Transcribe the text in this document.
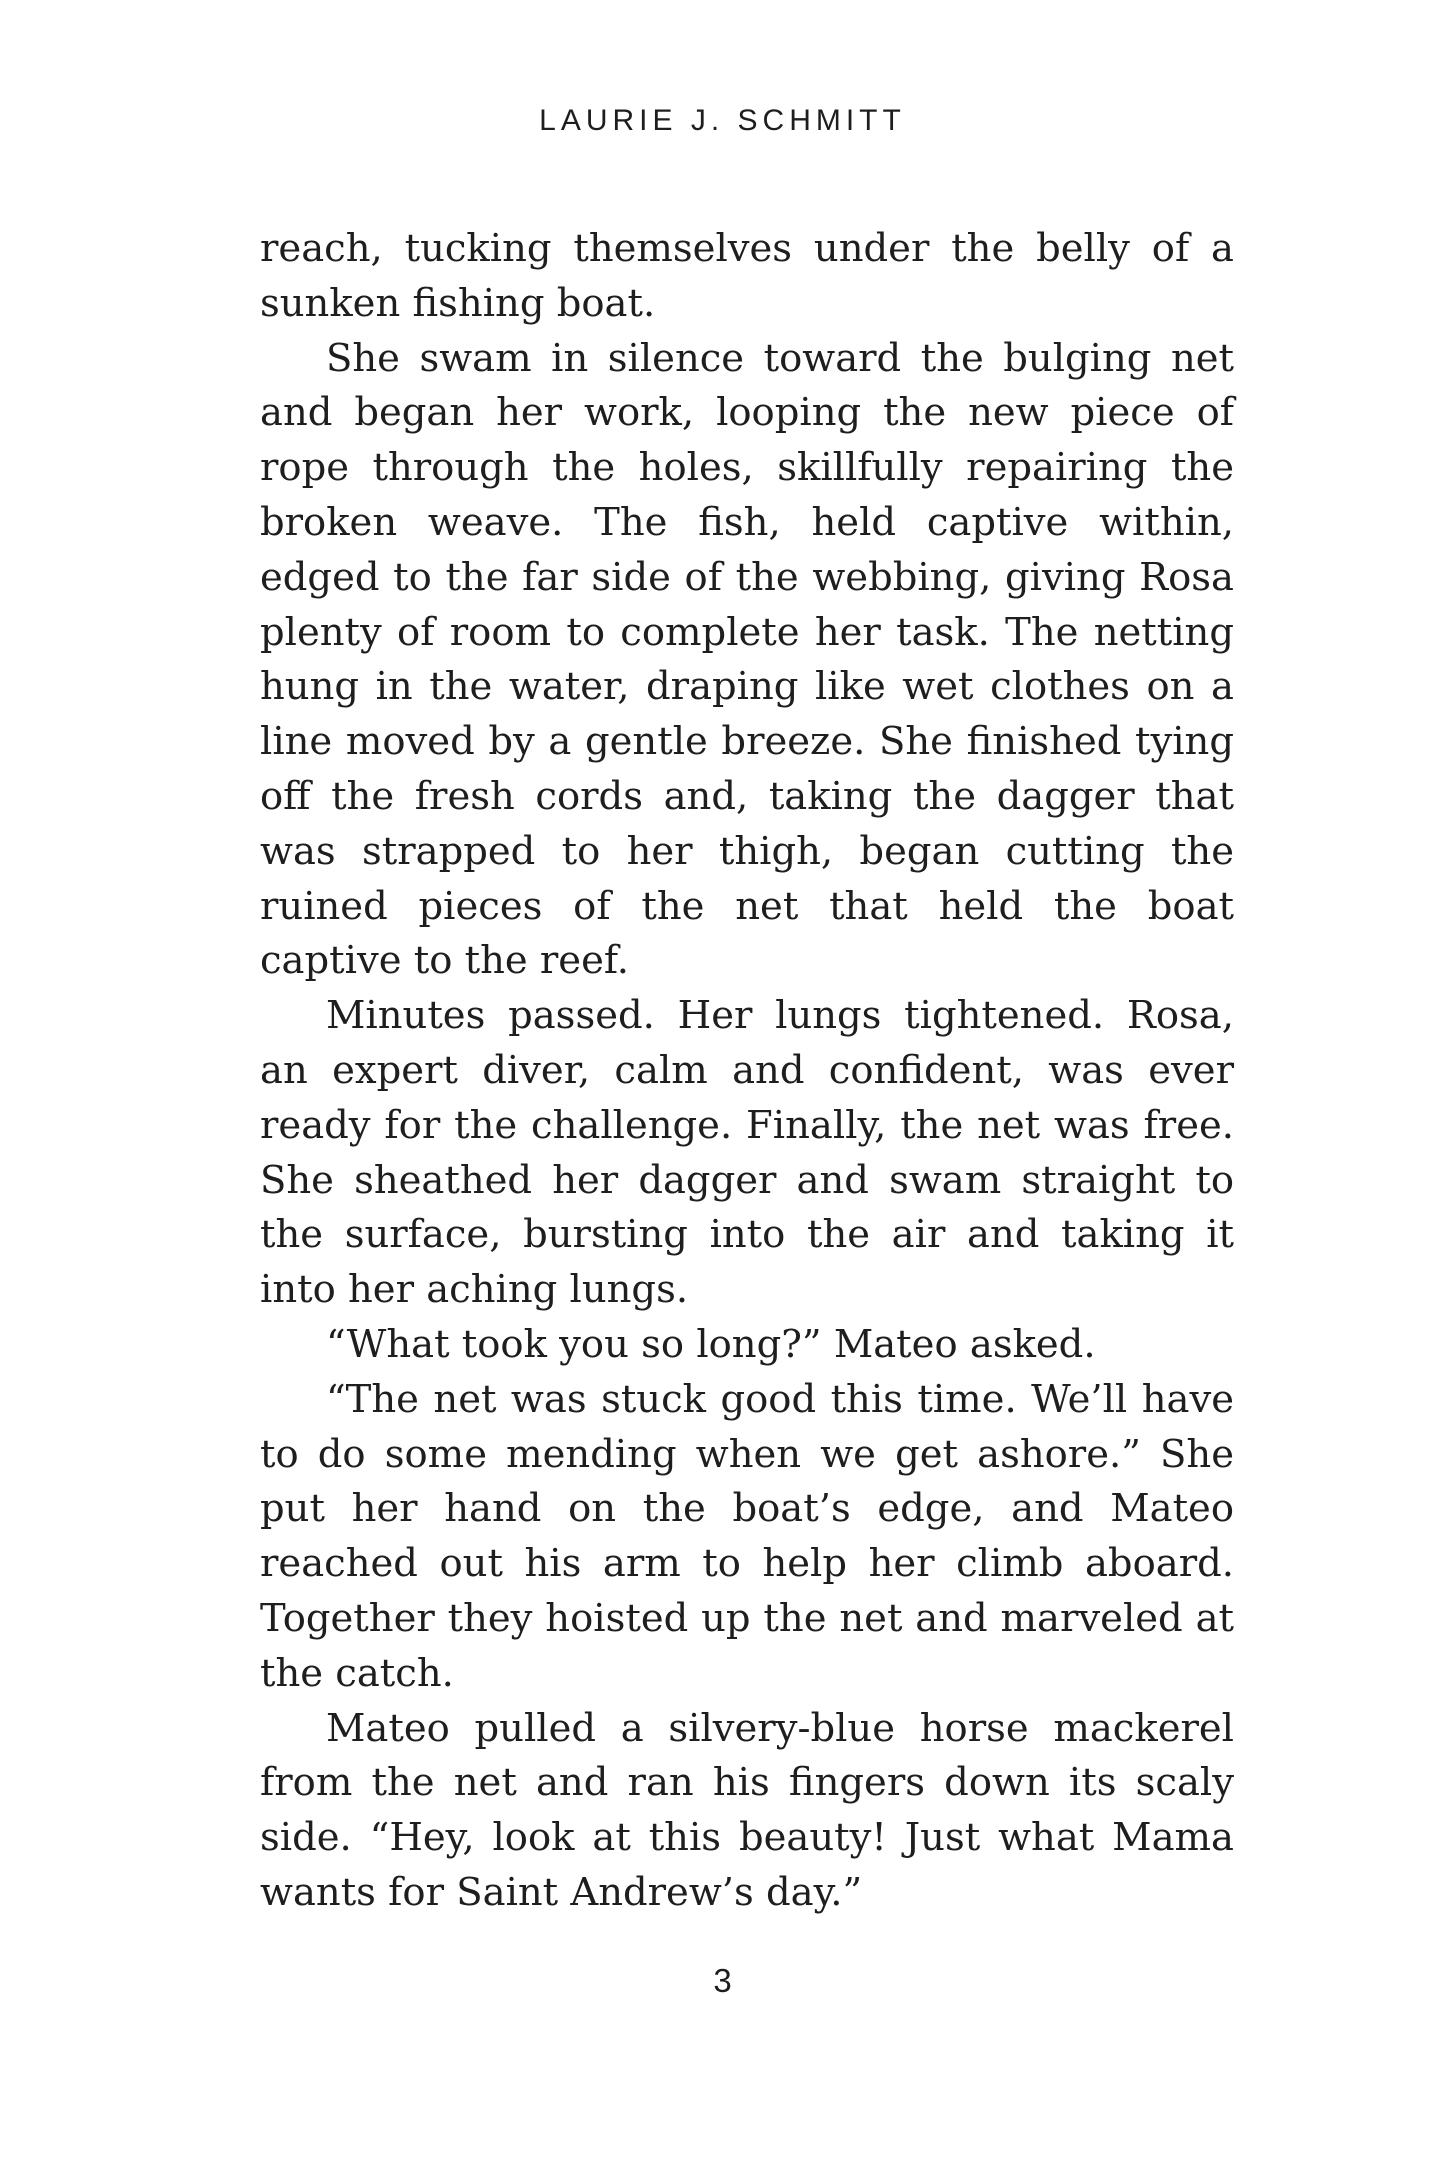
LAURIE J. SCHMITT

reach, tucking themselves under the belly of a sunken fishing boat.

She swam in silence toward the bulging net and began her work, looping the new piece of rope through the holes, skillfully repairing the broken weave. The fish, held captive within, edged to the far side of the webbing, giving Rosa plenty of room to complete her task. The netting hung in the water, draping like wet clothes on a line moved by a gentle breeze. She finished tying off the fresh cords and, taking the dagger that was strapped to her thigh, began cutting the ruined pieces of the net that held the boat captive to the reef.

Minutes passed. Her lungs tightened. Rosa, an expert diver, calm and confident, was ever ready for the challenge. Finally, the net was free. She sheathed her dagger and swam straight to the surface, bursting into the air and taking it into her aching lungs.

“What took you so long?” Mateo asked.

“The net was stuck good this time. We’ll have to do some mending when we get ashore.” She put her hand on the boat’s edge, and Mateo reached out his arm to help her climb aboard. Together they hoisted up the net and marveled at the catch.

Mateo pulled a silvery-blue horse mackerel from the net and ran his fingers down its scaly side. “Hey, look at this beauty! Just what Mama wants for Saint Andrew’s day.”

3
